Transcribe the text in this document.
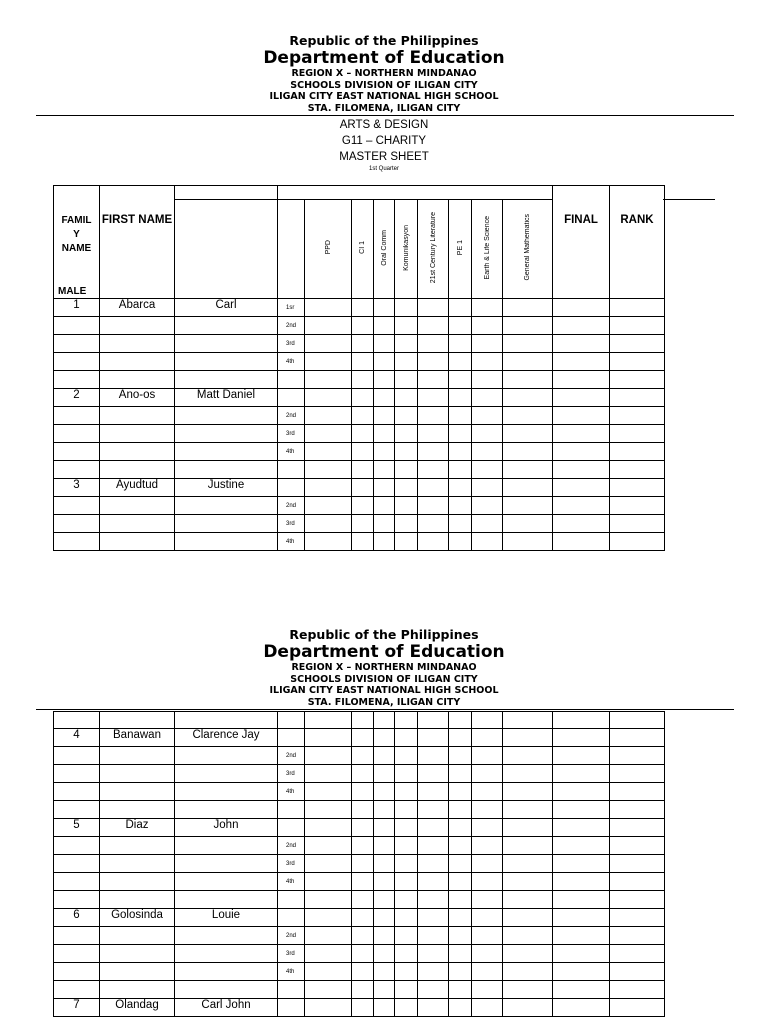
Republic of the Philippines
Department of Education
REGION X – NORTHERN MINDANAO
SCHOOLS DIVISION OF ILIGAN CITY
ILIGAN CITY EAST NATIONAL HIGH SCHOOL
STA. FILOMENA, ILIGAN CITY
ARTS & DESIGN
G11 – CHARITY
MASTER SHEET
1st Quarter
FAMIL
Y
NAME
MALE	FIRST NAME											FINAL	RANK

				PPD	CI 1	Oral Comm	Komunikasyon	21st Century Literature	PE 1	Earth & Life Science	General Mathematics		
1	Abarca	Carl	1sr										
			2nd										
			3rd										
			4th										

2	Ano-os	Matt Daniel											
			2nd										
			3rd										
			4th										

3	Ayudtud	Justine											
			2nd										
			3rd										
			4th										
Republic of the Philippines
Department of Education
REGION X – NORTHERN MINDANAO
SCHOOLS DIVISION OF ILIGAN CITY
ILIGAN CITY EAST NATIONAL HIGH SCHOOL
STA. FILOMENA, ILIGAN CITY

4	Banawan	Clarence Jay											
			2nd										
			3rd										
			4th										

5	Diaz	John											
			2nd										
			3rd										
			4th										

6	Golosinda	Louie											
			2nd										
			3rd										
			4th										

7	Olandag	Carl John											
